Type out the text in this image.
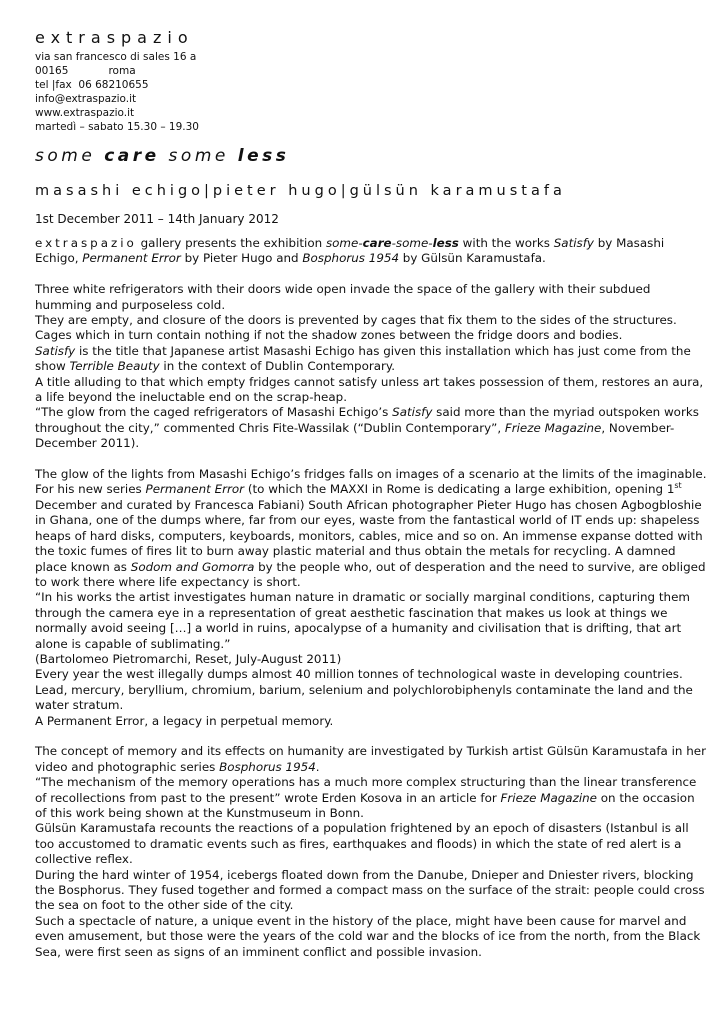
extraspazio
via san francesco di sales 16 a
00165            roma
tel |fax  06 68210655
info@extraspazio.it
www.extraspazio.it
martedì – sabato 15.30 – 19.30
some care some less
masashi echigo|pieter hugo|gülsün karamustafa
1st December 2011 – 14th January 2012

extraspazio gallery presents the exhibition some-care-some-less with the works Satisfy by Masashi Echigo, Permanent Error by Pieter Hugo and Bosphorus 1954 by Gülsün Karamustafa.

Three white refrigerators with their doors wide open invade the space of the gallery with their subdued humming and purposeless cold.

They are empty, and closure of the doors is prevented by cages that fix them to the sides of the structures.

Cages which in turn contain nothing if not the shadow zones between the fridge doors and bodies.

Satisfy is the title that Japanese artist Masashi Echigo has given this installation which has just come from the show Terrible Beauty in the context of Dublin Contemporary.

A title alluding to that which empty fridges cannot satisfy unless art takes possession of them, restores an aura, a life beyond the ineluctable end on the scrap-heap.

“The glow from the caged refrigerators of Masashi Echigo’s Satisfy said more than the myriad outspoken works throughout the city,” commented Chris Fite-Wassilak (“Dublin Contemporary”, Frieze Magazine, November-December 2011).

The glow of the lights from Masashi Echigo’s fridges falls on images of a scenario at the limits of the imaginable.

For his new series Permanent Error (to which the MAXXI in Rome is dedicating a large exhibition, opening 1st December and curated by Francesca Fabiani) South African photographer Pieter Hugo has chosen Agbogbloshie in Ghana, one of the dumps where, far from our eyes, waste from the fantastical world of IT ends up: shapeless heaps of hard disks, computers, keyboards, monitors, cables, mice and so on. An immense expanse dotted with the toxic fumes of fires lit to burn away plastic material and thus obtain the metals for recycling. A damned place known as Sodom and Gomorra by the people who, out of desperation and the need to survive, are obliged to work there where life expectancy is short.

“In his works the artist investigates human nature in dramatic or socially marginal conditions, capturing them through the camera eye in a representation of great aesthetic fascination that makes us look at things we normally avoid seeing […] a world in ruins, apocalypse of a humanity and civilisation that is drifting, that art alone is capable of sublimating.”

(Bartolomeo Pietromarchi, Reset, July-August 2011)

Every year the west illegally dumps almost 40 million tonnes of technological waste in developing countries. Lead, mercury, beryllium, chromium, barium, selenium and polychlorobiphenyls contaminate the land and the water stratum.

A Permanent Error, a legacy in perpetual memory.

The concept of memory and its effects on humanity are investigated by Turkish artist Gülsün Karamustafa in her video and photographic series Bosphorus 1954.

“The mechanism of the memory operations has a much more complex structuring than the linear transference of recollections from past to the present” wrote Erden Kosova in an article for Frieze Magazine on the occasion of this work being shown at the Kunstmuseum in Bonn.

Gülsün Karamustafa recounts the reactions of a population frightened by an epoch of disasters (Istanbul is all too accustomed to dramatic events such as fires, earthquakes and floods) in which the state of red alert is a collective reflex.

During the hard winter of 1954, icebergs floated down from the Danube, Dnieper and Dniester rivers, blocking the Bosphorus. They fused together and formed a compact mass on the surface of the strait: people could cross the sea on foot to the other side of the city.

Such a spectacle of nature, a unique event in the history of the place, might have been cause for marvel and even amusement, but those were the years of the cold war and the blocks of ice from the north, from the Black Sea, were first seen as signs of an imminent conflict and possible invasion.
